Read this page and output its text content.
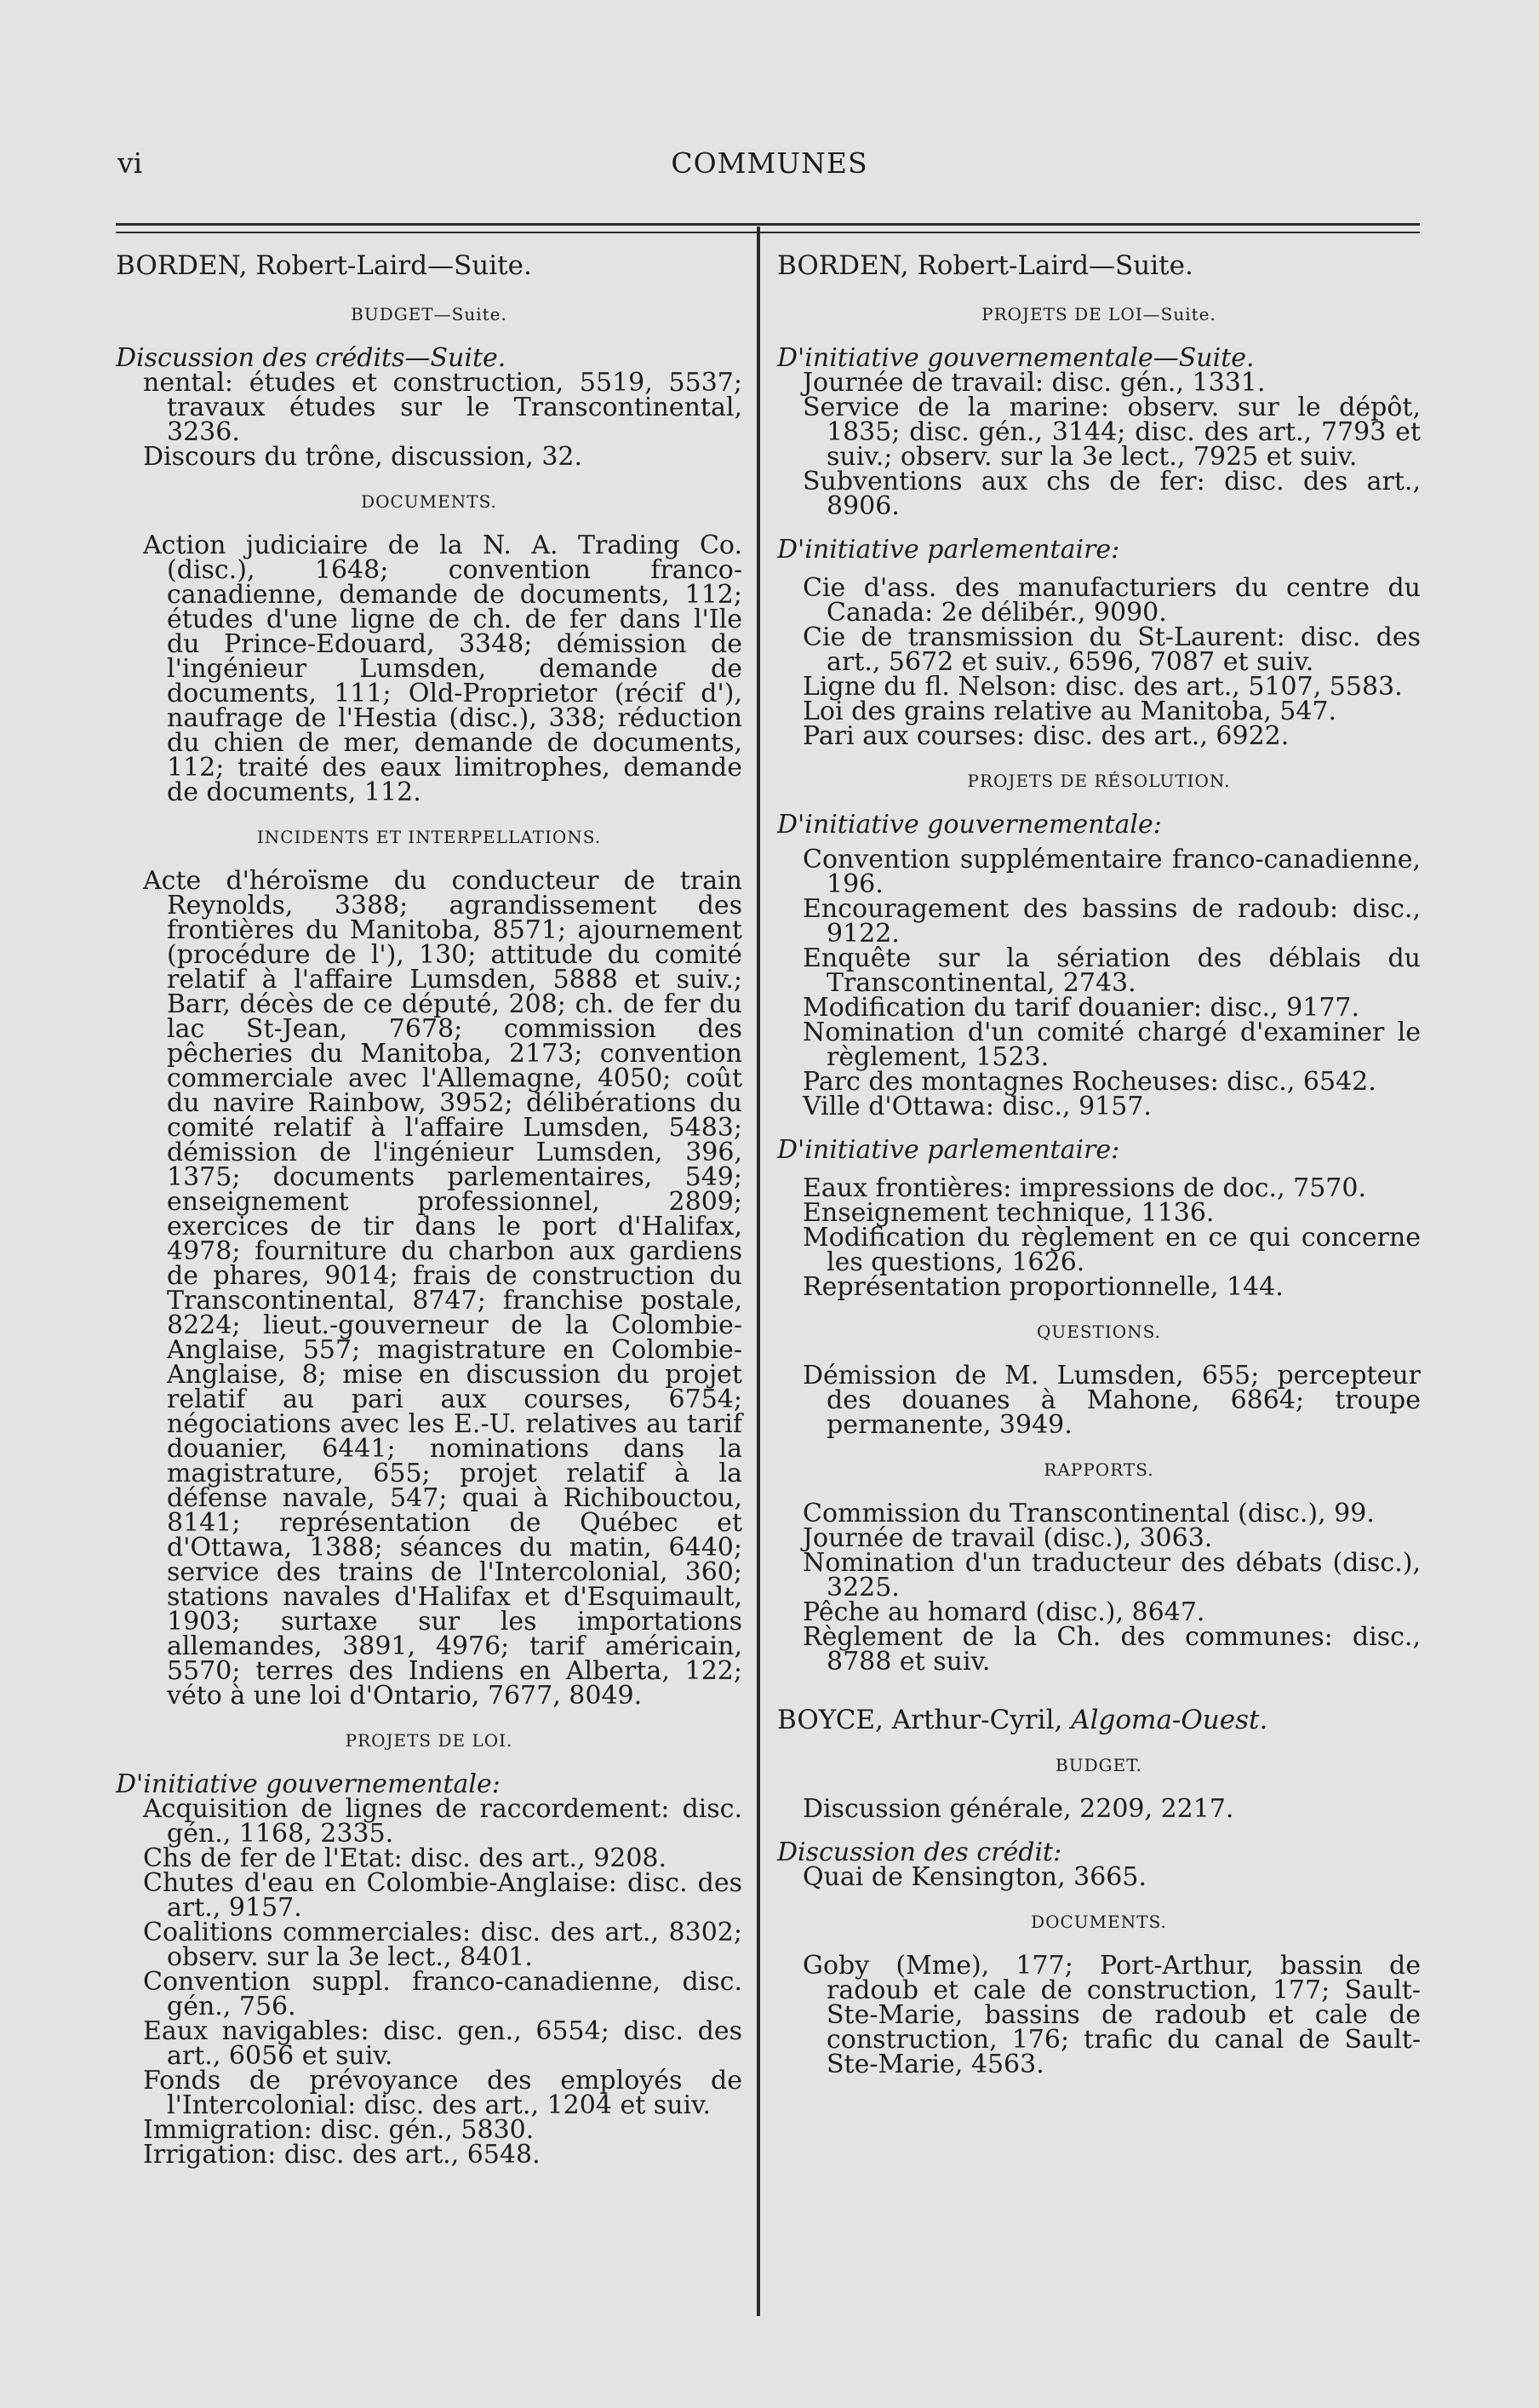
vi	COMMUNES

BORDEN, Robert-Laird—Suite.

BUDGET—Suite.

Discussion des crédits—Suite.

nental: études et construction, 5519, 5537; travaux études sur le Transcontinental, 3236.

Discours du trône, discussion, 32.

DOCUMENTS.

Action judiciaire de la N. A. Trading Co. (disc.), 1648; convention franco-canadienne, demande de documents, 112; études d'une ligne de ch. de fer dans l'Ile du Prince-Edouard, 3348; démission de l'ingénieur Lumsden, demande de documents, 111; Old-Proprietor (récif d'), naufrage de l'Hestia (disc.), 338; réduction du chien de mer, demande de documents, 112; traité des eaux limitrophes, demande de documents, 112.

INCIDENTS ET INTERPELLATIONS.

Acte d'héroïsme du conducteur de train Reynolds, 3388; agrandissement des frontières du Manitoba, 8571; ajournement (procédure de l'), 130; attitude du comité relatif à l'affaire Lumsden, 5888 et suiv.; Barr, décès de ce député, 208; ch. de fer du lac St-Jean, 7678; commission des pêcheries du Manitoba, 2173; convention commerciale avec l'Allemagne, 4050; coût du navire Rainbow, 3952; délibérations du comité relatif à l'affaire Lumsden, 5483; démission de l'ingénieur Lumsden, 396, 1375; documents parlementaires, 549; enseignement professionnel, 2809; exercices de tir dans le port d'Halifax, 4978; fourniture du charbon aux gardiens de phares, 9014; frais de construction du Transcontinental, 8747; franchise postale, 8224; lieut.-gouverneur de la Colombie-Anglaise, 557; magistrature en Colombie-Anglaise, 8; mise en discussion du projet relatif au pari aux courses, 6754; négociations avec les E.-U. relatives au tarif douanier, 6441; nominations dans la magistrature, 655; projet relatif à la défense navale, 547; quai à Richibouctou, 8141; représentation de Québec et d'Ottawa, 1388; séances du matin, 6440; service des trains de l'Intercolonial, 360; stations navales d'Halifax et d'Esquimault, 1903; surtaxe sur les importations allemandes, 3891, 4976; tarif américain, 5570; terres des Indiens en Alberta, 122; véto à une loi d'Ontario, 7677, 8049.

PROJETS DE LOI.

D'initiative gouvernementale:

Acquisition de lignes de raccordement: disc. gén., 1168, 2335.

Chs de fer de l'Etat: disc. des art., 9208.

Chutes d'eau en Colombie-Anglaise: disc. des art., 9157.

Coalitions commerciales: disc. des art., 8302; observ. sur la 3e lect., 8401.

Convention suppl. franco-canadienne, disc. gén., 756.

Eaux navigables: disc. gen., 6554; disc. des art., 6056 et suiv.

Fonds de prévoyance des employés de l'Intercolonial: disc. des art., 1204 et suiv.

Immigration: disc. gén., 5830.

Irrigation: disc. des art., 6548.

BORDEN, Robert-Laird—Suite.

PROJETS DE LOI—Suite.

D'initiative gouvernementale—Suite.

Journée de travail: disc. gén., 1331.

Service de la marine: observ. sur le dépôt, 1835; disc. gén., 3144; disc. des art., 7793 et suiv.; observ. sur la 3e lect., 7925 et suiv.

Subventions aux chs de fer: disc. des art., 8906.

D'initiative parlementaire:

Cie d'ass. des manufacturiers du centre du Canada: 2e délibér., 9090.

Cie de transmission du St-Laurent: disc. des art., 5672 et suiv., 6596, 7087 et suiv.

Ligne du fl. Nelson: disc. des art., 5107, 5583.

Loi des grains relative au Manitoba, 547.

Pari aux courses: disc. des art., 6922.

PROJETS DE RÉSOLUTION.

D'initiative gouvernementale:

Convention supplémentaire franco-canadienne, 196.

Encouragement des bassins de radoub: disc., 9122.

Enquête sur la sériation des déblais du Transcontinental, 2743.

Modification du tarif douanier: disc., 9177.

Nomination d'un comité chargé d'examiner le règlement, 1523.

Parc des montagnes Rocheuses: disc., 6542.

Ville d'Ottawa: disc., 9157.

D'initiative parlementaire:

Eaux frontières: impressions de doc., 7570.

Enseignement technique, 1136.

Modification du règlement en ce qui concerne les questions, 1626.

Représentation proportionnelle, 144.

QUESTIONS.

Démission de M. Lumsden, 655; percepteur des douanes à Mahone, 6864; troupe permanente, 3949.

RAPPORTS.

Commission du Transcontinental (disc.), 99.

Journée de travail (disc.), 3063.

Nomination d'un traducteur des débats (disc.), 3225.

Pêche au homard (disc.), 8647.

Règlement de la Ch. des communes: disc., 8788 et suiv.

BOYCE, Arthur-Cyril, Algoma-Ouest.

BUDGET.

Discussion générale, 2209, 2217.

Discussion des crédit:

Quai de Kensington, 3665.

DOCUMENTS.

Goby (Mme), 177; Port-Arthur, bassin de radoub et cale de construction, 177; Sault-Ste-Marie, bassins de radoub et cale de construction, 176; trafic du canal de Sault-Ste-Marie, 4563.
